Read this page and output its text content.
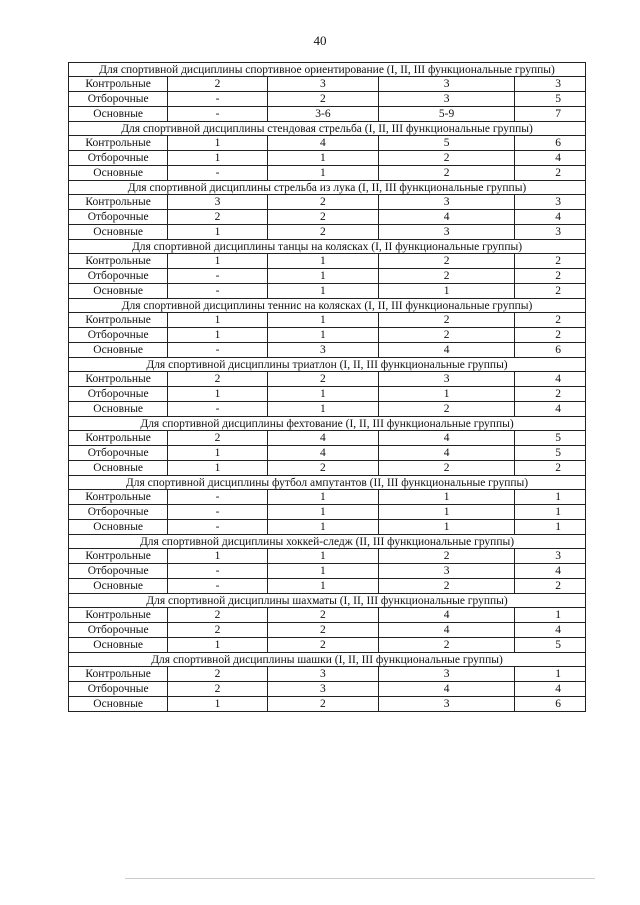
40
Для спортивной дисциплины спортивное ориентирование (I, II, III функциональные группы)				
Контрольные	2	3	3	3
Отборочные	-	2	3	5
Основные	-	3-6	5-9	7
Для спортивной дисциплины стендовая стрельба (I, II, III функциональные группы)				
Контрольные	1	4	5	6
Отборочные	1	1	2	4
Основные	-	1	2	2
Для спортивной дисциплины стрельба из лука (I, II, III функциональные группы)				
Контрольные	3	2	3	3
Отборочные	2	2	4	4
Основные	1	2	3	3
Для спортивной дисциплины танцы на колясках (I, II функциональные группы)				
Контрольные	1	1	2	2
Отборочные	-	1	2	2
Основные	-	1	1	2
Для спортивной дисциплины теннис на колясках (I, II, III функциональные группы)				
Контрольные	1	1	2	2
Отборочные	1	1	2	2
Основные	-	3	4	6
Для спортивной дисциплины триатлон (I, II, III функциональные группы)				
Контрольные	2	2	3	4
Отборочные	1	1	1	2
Основные	-	1	2	4
Для спортивной дисциплины фехтование (I, II, III функциональные группы)				
Контрольные	2	4	4	5
Отборочные	1	4	4	5
Основные	1	2	2	2
Для спортивной дисциплины футбол ампутантов (II, III функциональные группы)				
Контрольные	-	1	1	1
Отборочные	-	1	1	1
Основные	-	1	1	1
Для спортивной дисциплины хоккей-следж (II, III функциональные группы)				
Контрольные	1	1	2	3
Отборочные	-	1	3	4
Основные	-	1	2	2
Для спортивной дисциплины шахматы (I, II, III функциональные группы)				
Контрольные	2	2	4	1
Отборочные	2	2	4	4
Основные	1	2	2	5
Для спортивной дисциплины шашки (I, II, III функциональные группы)				
Контрольные	2	3	3	1
Отборочные	2	3	4	4
Основные	1	2	3	6
